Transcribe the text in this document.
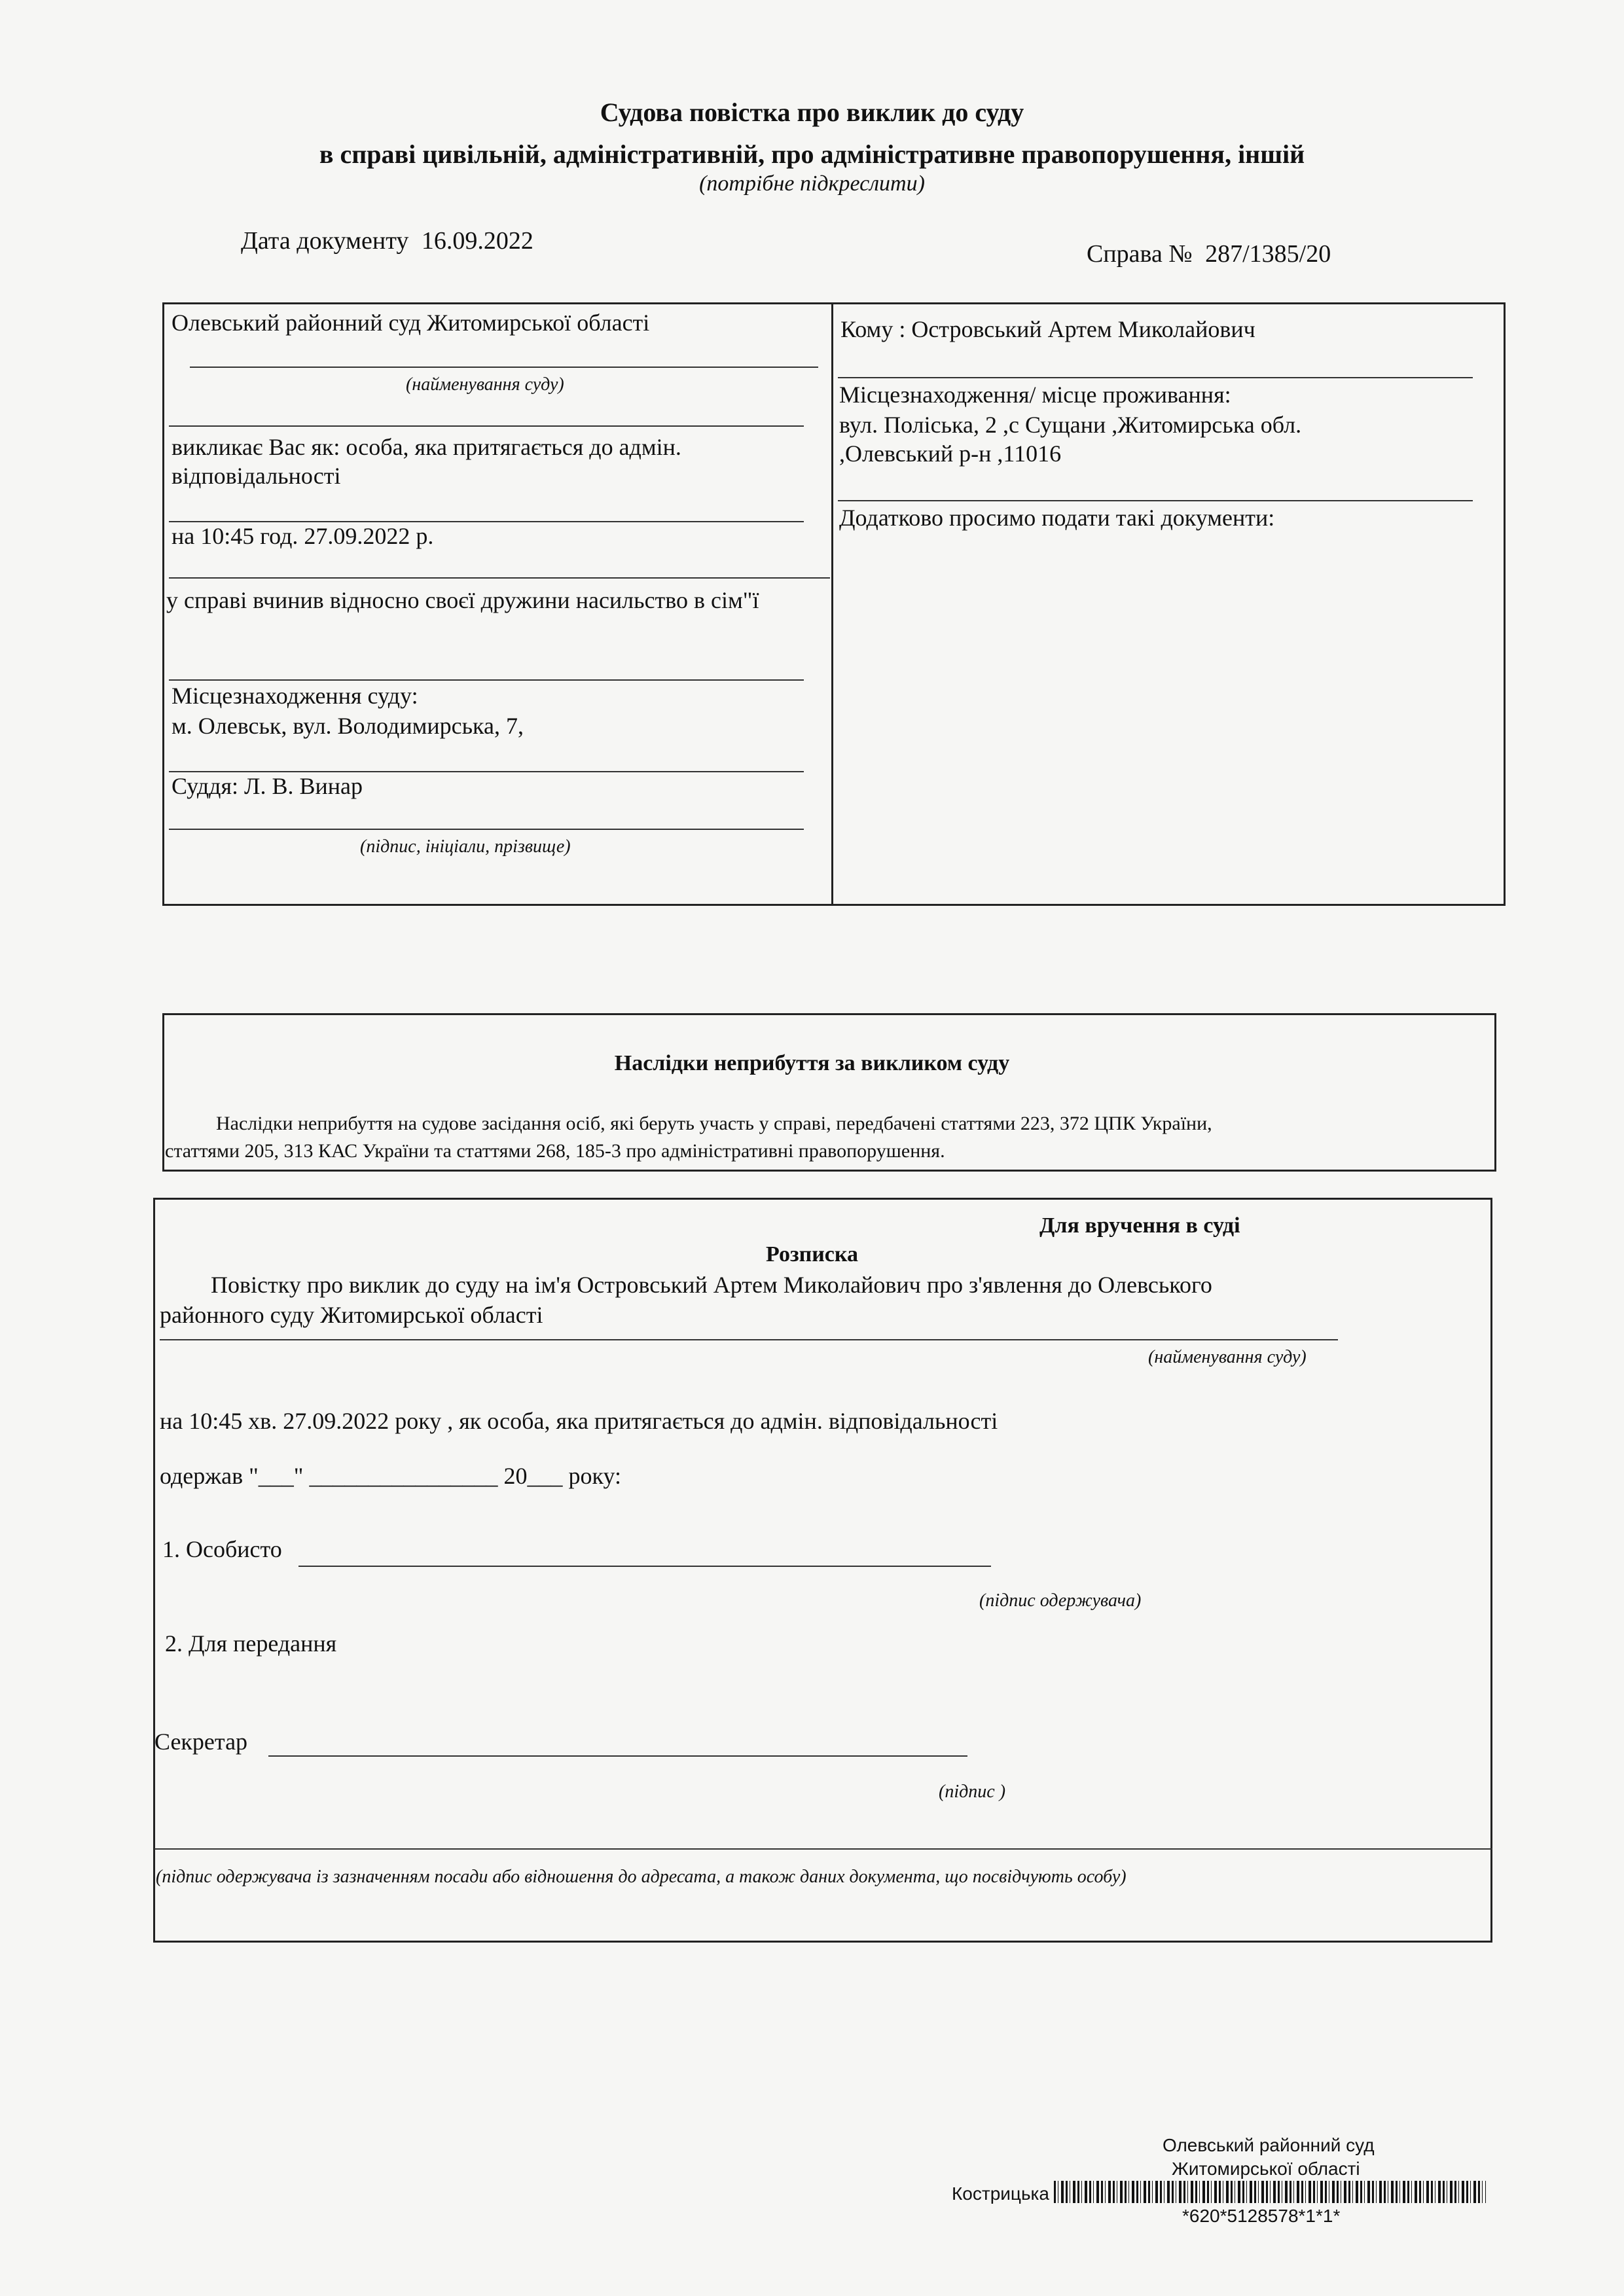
Судова повістка про виклик до суду
в справі цивільній, адміністративній, про адміністративне правопорушення, іншій
(потрібне підкреслити)
Дата документу 16.09.2022	Справа № 287/1385/20
Олевський районний суд Житомирської області
(найменування суду)
викликає Вас як: особа, яка притягається до адмін.
відповідальності
на 10:45 год. 27.09.2022 р.
у справі вчинив відносно своєї дружини насильство в сім"ї
Місцезнаходження суду:
м. Олевськ, вул. Володимирська, 7,
Суддя: Л. В. Винар
(підпис, ініціали, прізвище)
Кому : Островський Артем Миколайович
Місцезнаходження/ місце проживання:
вул. Поліська, 2 ,с Сущани ,Житомирська обл.
,Олевський р-н ,11016
Додатково просимо подати такі документи:
Наслідки неприбуття за викликом суду
Наслідки неприбуття на судове засідання осіб, які беруть участь у справі, передбачені статтями 223, 372 ЦПК України,
статтями 205, 313 КАС України та статтями 268, 185-3 про адміністративні правопорушення.
Для вручення в суді
Розписка
Повістку про виклик до суду на ім'я Островський Артем Миколайович про з'явлення до Олевського
районного суду Житомирської області
(найменування суду)
на 10:45 хв. 27.09.2022 року , як особа, яка притягається до адмін. відповідальності
одержав "___" ________________ 20___ року:
1. Особисто
(підпис одержувача)
2. Для передання
Секретар
(підпис )
(підпис одержувача із зазначенням посади або відношення до адресата, а також даних документа, що посвідчують особу)
Олевський районний суд
Житомирської області
Кострицька
*620*5128578*1*1*
